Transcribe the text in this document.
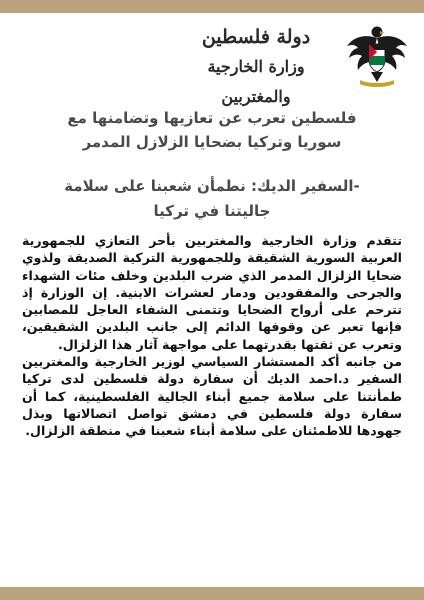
دولة فلسطين
وزارة الخارجية والمغتربين
فلسطين تعرب عن تعازيها وتضامنها مع
سوريا وتركيا بضحايا الزلازل المدمر
-السفير الديك: نطمأن شعبنا على سلامة
جاليتنا في تركيا

تتقدم وزارة الخارجية والمغتربين بأحر التعازي للجمهورية العربية السورية الشقيقة وللجمهورية التركية الصديقة ولذوي ضحايا الزلزال المدمر الذي ضرب البلدين وخلف مئات الشهداء والجرحى والمفقودين ودمار لعشرات الابنية. إن الوزارة إذ تترحم على أرواح الضحايا وتتمنى الشفاء العاجل للمصابين فإنها تعبر عن وقوفها الدائم إلى جانب البلدين الشقيقين، وتعرب عن ثقتها بقدرتهما على مواجهة آثار هذا الزلزال.

من جانبه أكد المستشار السياسي لوزير الخارجية والمغتربين السفير د.احمد الديك أن سفارة دولة فلسطين لدى تركيا طمأنتنا على سلامة جميع أبناء الجالية الفلسطينية، كما أن سفارة دولة فلسطين في دمشق تواصل اتصالاتها وبذل جهودها للاطمئنان على سلامة أبناء شعبنا في منطقة الزلزال.
